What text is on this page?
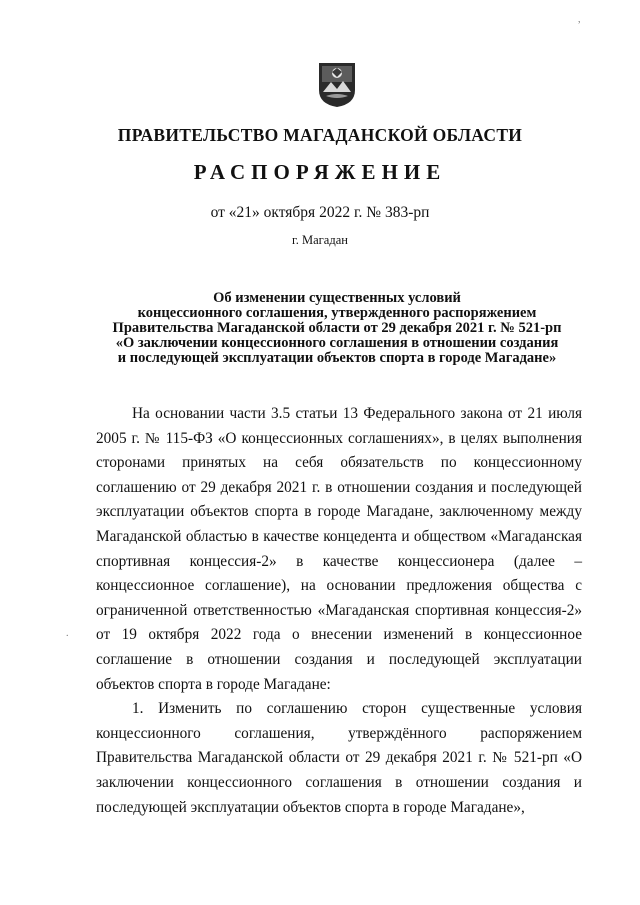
ПРАВИТЕЛЬСТВО МАГАДАНСКОЙ ОБЛАСТИ
РАСПОРЯЖЕНИЕ
от «21» октября 2022 г. № 383-рп
г. Магадан
Об изменении существенных условий
концессионного соглашения, утвержденного распоряжением
Правительства Магаданской области от 29 декабря 2021 г. № 521-рп
«О заключении концессионного соглашения в отношении создания
и последующей эксплуатации объектов спорта в городе Магадане»

На основании части 3.5 статьи 13 Федерального закона от 21 июля 2005 г. № 115-ФЗ «О концессионных соглашениях», в целях выполнения сторонами принятых на себя обязательств по концессионному соглашению от 29 декабря 2021 г. в отношении создания и последующей эксплуатации объектов спорта в городе Магадане, заключенному между Магаданской областью в качестве концедента и обществом «Магаданская спортивная концессия-2» в качестве концессионера (далее – концессионное соглашение), на основании предложения общества с ограниченной ответственностью «Магаданская спортивная концессия-2» от 19 октября 2022 года о внесении изменений в концессионное соглашение в отношении создания и последующей эксплуатации объектов спорта в городе Магадане:

1. Изменить по соглашению сторон существенные условия концессионного соглашения, утверждённого распоряжением Правительства Магаданской области от 29 декабря 2021 г. № 521-рп «О заключении концессионного соглашения в отношении создания и последующей эксплуатации объектов спорта в городе Магадане»,

,
.
